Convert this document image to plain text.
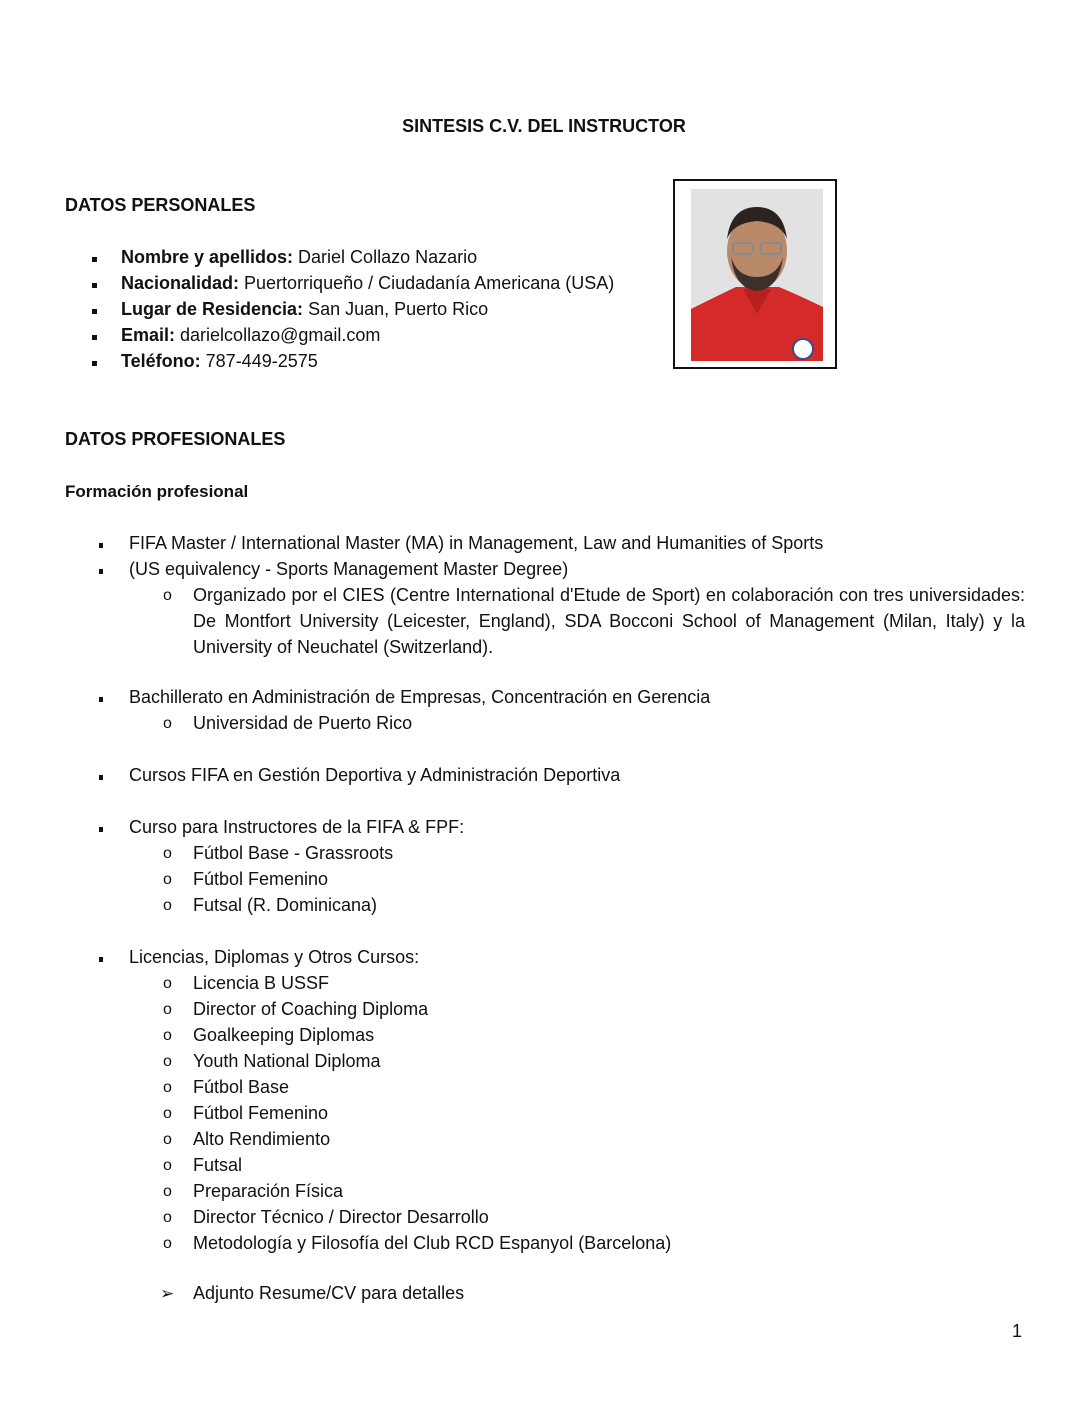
SINTESIS C.V. DEL INSTRUCTOR
DATOS PERSONALES
Nombre y apellidos: Dariel Collazo Nazario
Nacionalidad: Puertorriqueño / Ciudadanía Americana (USA)
Lugar de Residencia: San Juan, Puerto Rico
Email: darielcollazo@gmail.com
Teléfono: 787-449-2575
DATOS PROFESIONALES
Formación profesional
FIFA Master / International Master (MA) in Management, Law and Humanities of Sports
(US equivalency - Sports Management Master Degree)
o Organizado por el CIES (Centre International d'Etude de Sport) en colaboración con tres universidades: De Montfort University (Leicester, England), SDA Bocconi School of Management (Milan, Italy) y la University of Neuchatel (Switzerland).
Bachillerato en Administración de Empresas, Concentración en Gerencia
o Universidad de Puerto Rico
Cursos FIFA en Gestión Deportiva y Administración Deportiva
Curso para Instructores de la FIFA & FPF:
o Fútbol Base - Grassroots
o Fútbol Femenino
o Futsal (R. Dominicana)
Licencias, Diplomas y Otros Cursos:
o Licencia B USSF
o Director of Coaching Diploma
o Goalkeeping Diplomas
o Youth National Diploma
o Fútbol Base
o Fútbol Femenino
o Alto Rendimiento
o Futsal
o Preparación Física
o Director Técnico / Director Desarrollo
o Metodología y Filosofía del Club RCD Espanyol (Barcelona)
➢ Adjunto Resume/CV para detalles
1
